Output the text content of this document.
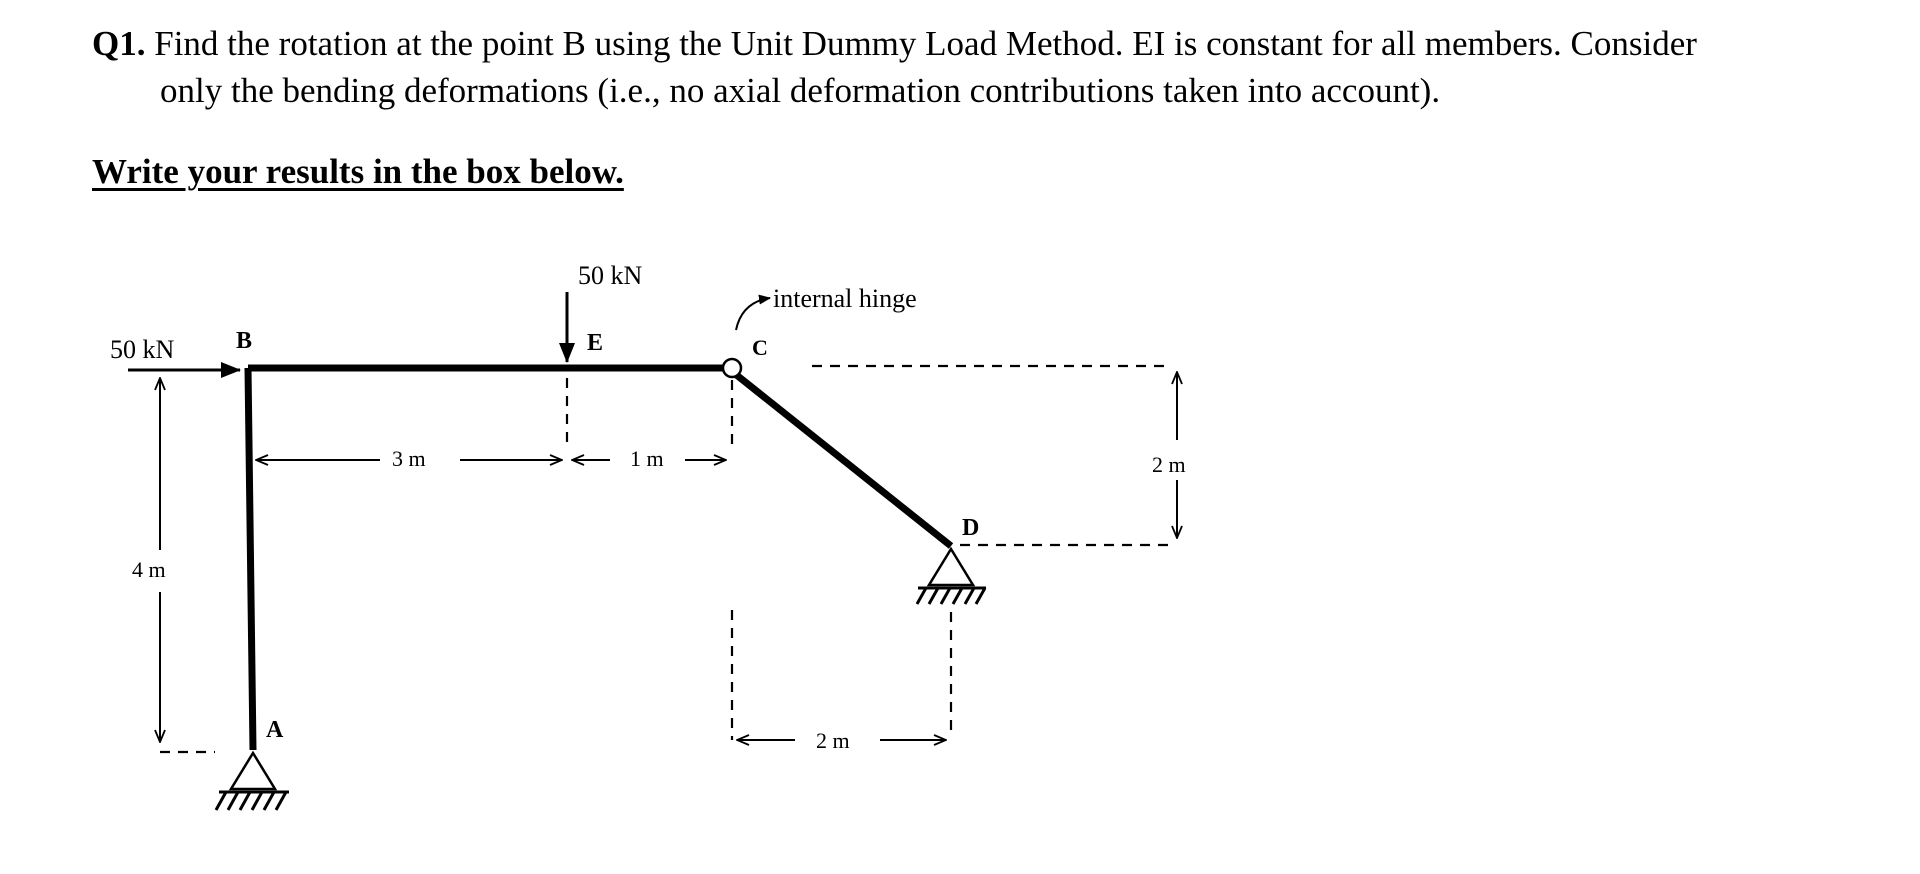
Q1. Find the rotation at the point B using the Unit Dummy Load Method. EI is constant for all members. Consider
only the bending deformations (i.e., no axial deformation contributions taken into account).
Write your results in the box below.
50 kN
50 kN
B	E	C
D
A
internal hinge
3 m	1 m
2 m
4 m
2 m
